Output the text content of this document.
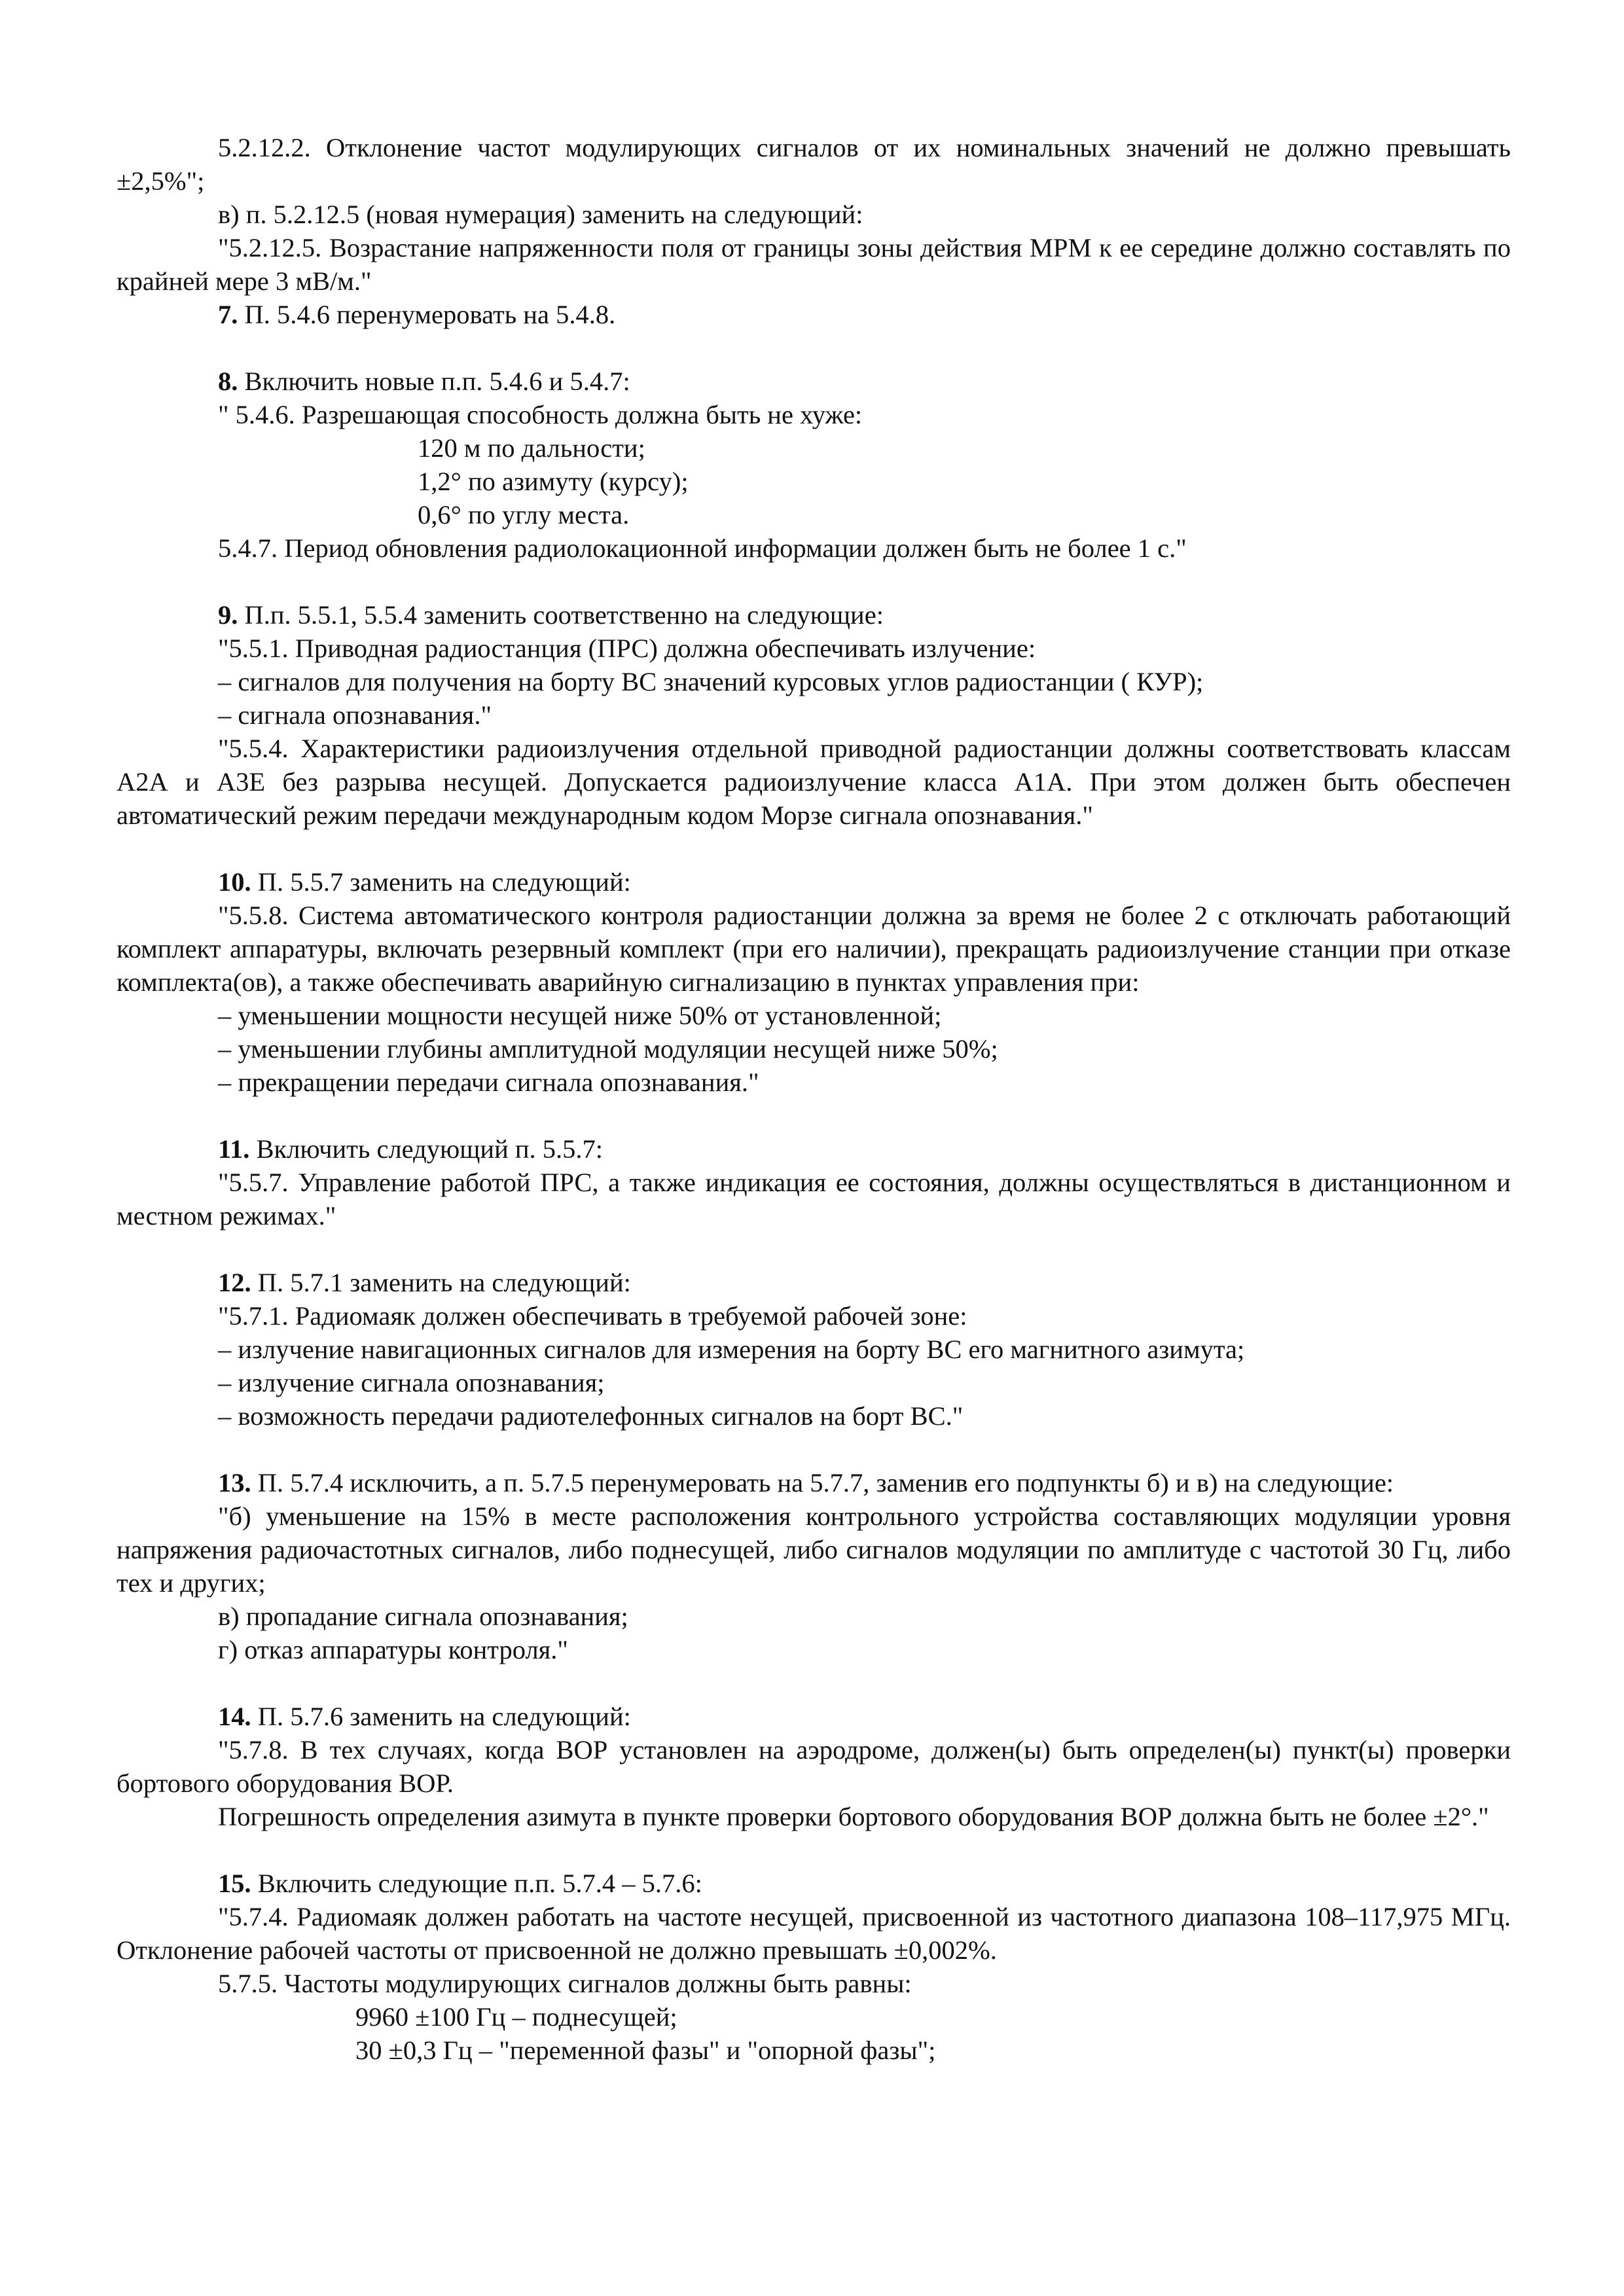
5.2.12.2. Отклонение частот модулирующих сигналов от их номинальных значений не должно превышать ±2,5%";

в) п. 5.2.12.5 (новая нумерация) заменить на следующий:

"5.2.12.5. Возрастание напряженности поля от границы зоны действия МРМ к ее середине должно составлять по крайней мере 3 мВ/м."

7. П. 5.4.6 перенумеровать на 5.4.8.

8. Включить новые п.п. 5.4.6 и 5.4.7:

" 5.4.6. Разрешающая способность должна быть не хуже:

120 м по дальности;

1,2° по азимуту (курсу);

0,6° по углу места.

5.4.7. Период обновления радиолокационной информации должен быть не более 1 с."

9. П.п. 5.5.1, 5.5.4 заменить соответственно на следующие:

"5.5.1. Приводная радиостанция (ПРС) должна обеспечивать излучение:

– сигналов для получения на борту ВС значений курсовых углов радиостанции ( КУР);

– сигнала опознавания."

"5.5.4. Характеристики радиоизлучения отдельной приводной радиостанции должны соответствовать классам А2А и А3Е без разрыва несущей. Допускается радиоизлучение класса А1А. При этом должен быть обеспечен автоматический режим передачи международным кодом Морзе сигнала опознавания."

10. П. 5.5.7 заменить на следующий:

"5.5.8. Система автоматического контроля радиостанции должна за время не более 2 с отключать работающий комплект аппаратуры, включать резервный комплект (при его наличии), прекращать радиоизлучение станции при отказе комплекта(ов), а также обеспечивать аварийную сигнализацию в пунктах управления при:

– уменьшении мощности несущей ниже 50% от установленной;

– уменьшении глубины амплитудной модуляции несущей ниже 50%;

– прекращении передачи сигнала опознавания."

11. Включить следующий п. 5.5.7:

"5.5.7. Управление работой ПРС, а также индикация ее состояния, должны осуществляться в дистанционном и местном режимах."

12. П. 5.7.1 заменить на следующий:

"5.7.1. Радиомаяк должен обеспечивать в требуемой рабочей зоне:

– излучение навигационных сигналов для измерения на борту ВС его магнитного азимута;

– излучение сигнала опознавания;

– возможность передачи радиотелефонных сигналов на борт ВС."

13. П. 5.7.4 исключить, а п. 5.7.5 перенумеровать на 5.7.7, заменив его подпункты б) и в) на следующие:

"б) уменьшение на 15% в месте расположения контрольного устройства составляющих модуляции уровня напряжения радиочастотных сигналов, либо поднесущей, либо сигналов модуляции по амплитуде с частотой 30 Гц, либо тех и других;

в) пропадание сигнала опознавания;

г) отказ аппаратуры контроля."

14. П. 5.7.6 заменить на следующий:

"5.7.8. В тех случаях, когда ВОР установлен на аэродроме, должен(ы) быть определен(ы) пункт(ы) проверки бортового оборудования ВОР.

Погрешность определения азимута в пункте проверки бортового оборудования ВОР должна быть не более ±2°."

15. Включить следующие п.п. 5.7.4 – 5.7.6:

"5.7.4. Радиомаяк должен работать на частоте несущей, присвоенной из частотного диапазона 108–117,975 МГц. Отклонение рабочей частоты от присвоенной не должно превышать ±0,002%.

5.7.5. Частоты модулирующих сигналов должны быть равны:

9960 ±100 Гц – поднесущей;

30 ±0,3 Гц – "переменной фазы" и "опорной фазы";
